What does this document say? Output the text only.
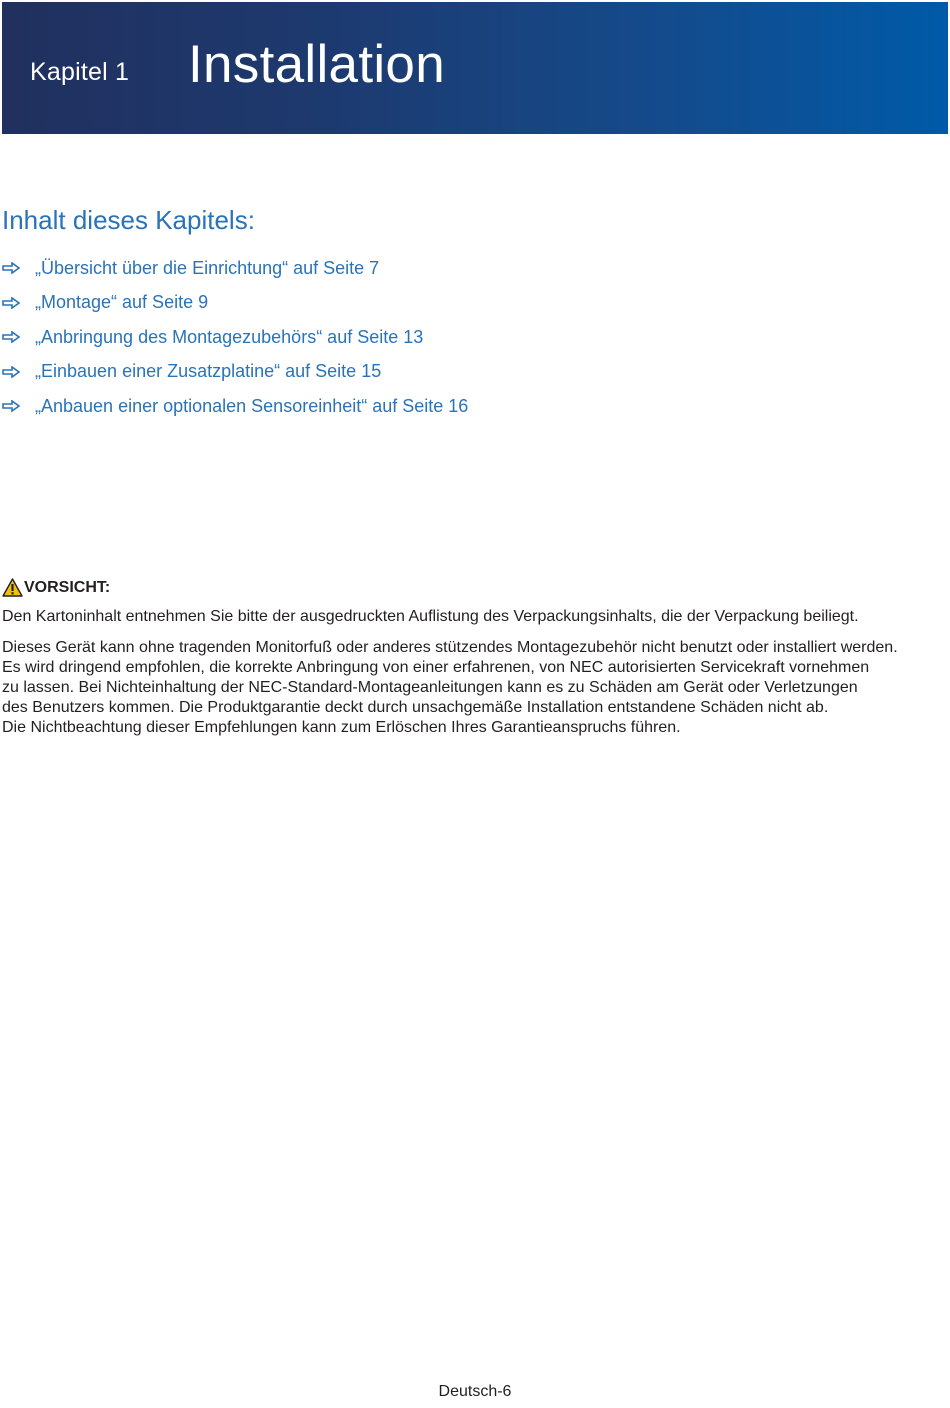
Kapitel 1 Installation
Inhalt dieses Kapitels:
„Übersicht über die Einrichtung“ auf Seite 7
„Montage“ auf Seite 9
„Anbringung des Montagezubehörs“ auf Seite 13
„Einbauen einer Zusatzplatine“ auf Seite 15
„Anbauen einer optionalen Sensoreinheit“ auf Seite 16
VORSICHT:

Den Kartoninhalt entnehmen Sie bitte der ausgedruckten Auflistung des Verpackungsinhalts, die der Verpackung beiliegt.

Dieses Gerät kann ohne tragenden Monitorfuß oder anderes stützendes Montagezubehör nicht benutzt oder installiert werden.
Es wird dringend empfohlen, die korrekte Anbringung von einer erfahrenen, von NEC autorisierten Servicekraft vornehmen
zu lassen. Bei Nichteinhaltung der NEC-Standard-Montageanleitungen kann es zu Schäden am Gerät oder Verletzungen
des Benutzers kommen. Die Produktgarantie deckt durch unsachgemäße Installation entstandene Schäden nicht ab.
Die Nichtbeachtung dieser Empfehlungen kann zum Erlöschen Ihres Garantieanspruchs führen.
Deutsch-6
